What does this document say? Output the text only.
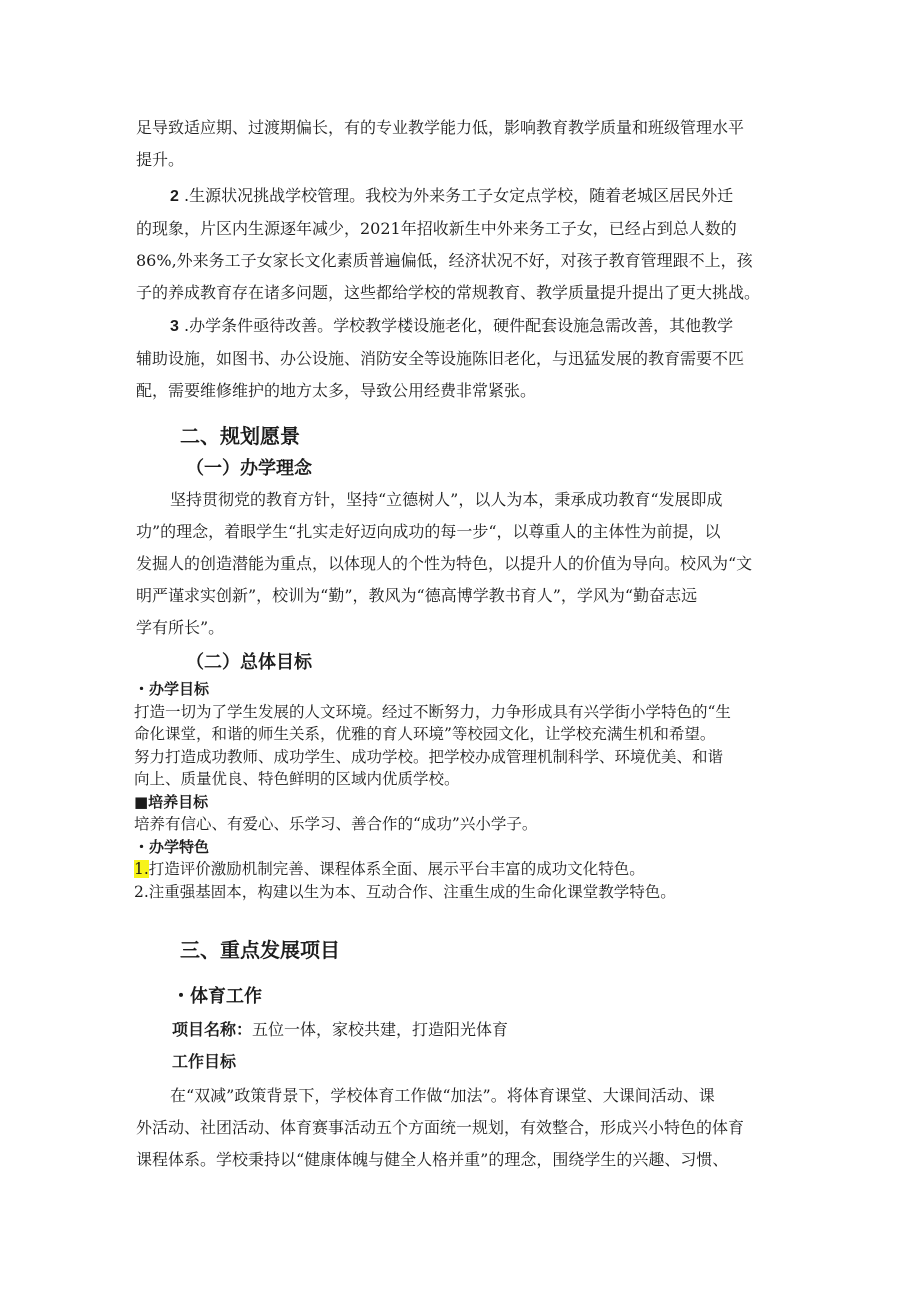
足导致适应期、过渡期偏长，有的专业教学能力低，影响教育教学质量和班级管理水平

提升。

2 .生源状况挑战学校管理。我校为外来务工子女定点学校，随着老城区居民外迁

的现象，片区内生源逐年减少，2021年招收新生中外来务工子女，已经占到总人数的

86%,外来务工子女家长文化素质普遍偏低，经济状况不好，对孩子教育管理跟不上，孩

子的养成教育存在诸多问题，这些都给学校的常规教育、教学质量提升提出了更大挑战。

3 .办学条件亟待改善。学校教学楼设施老化，硬件配套设施急需改善，其他教学

辅助设施，如图书、办公设施、消防安全等设施陈旧老化，与迅猛发展的教育需要不匹

配，需要维修维护的地方太多，导致公用经费非常紧张。

二、规划愿景
（一）办学理念

坚持贯彻党的教育方针，坚持“立德树人”，以人为本，秉承成功教育“发展即成

功”的理念，着眼学生“扎实走好迈向成功的每一步“，以尊重人的主体性为前提，以

发掘人的创造潜能为重点，以体现人的个性为特色，以提升人的价值为导向。校风为“文

明严谨求实创新”，校训为“勤”，教风为“德高博学教书育人”，学风为“勤奋志远

学有所长”。

（二）总体目标

・办学目标

打造一切为了学生发展的人文环境。经过不断努力，力争形成具有兴学街小学特色的“生

命化课堂，和谐的师生关系，优雅的育人环境”等校园文化，让学校充满生机和希望。

努力打造成功教师、成功学生、成功学校。把学校办成管理机制科学、环境优美、和谐

向上、质量优良、特色鲜明的区域内优质学校。

■培养目标

培养有信心、有爱心、乐学习、善合作的“成功”兴小学子。

・办学特色

1.打造评价激励机制完善、课程体系全面、展示平台丰富的成功文化特色。

2.注重强基固本，构建以生为本、互动合作、注重生成的生命化课堂教学特色。

三、重点发展项目
・体育工作
项目名称：五位一体，家校共建，打造阳光体育
工作目标

在“双减”政策背景下，学校体育工作做“加法”。将体育课堂、大课间活动、课

外活动、社团活动、体育赛事活动五个方面统一规划，有效整合，形成兴小特色的体育

课程体系。学校秉持以“健康体魄与健全人格并重”的理念，围绕学生的兴趣、习惯、
